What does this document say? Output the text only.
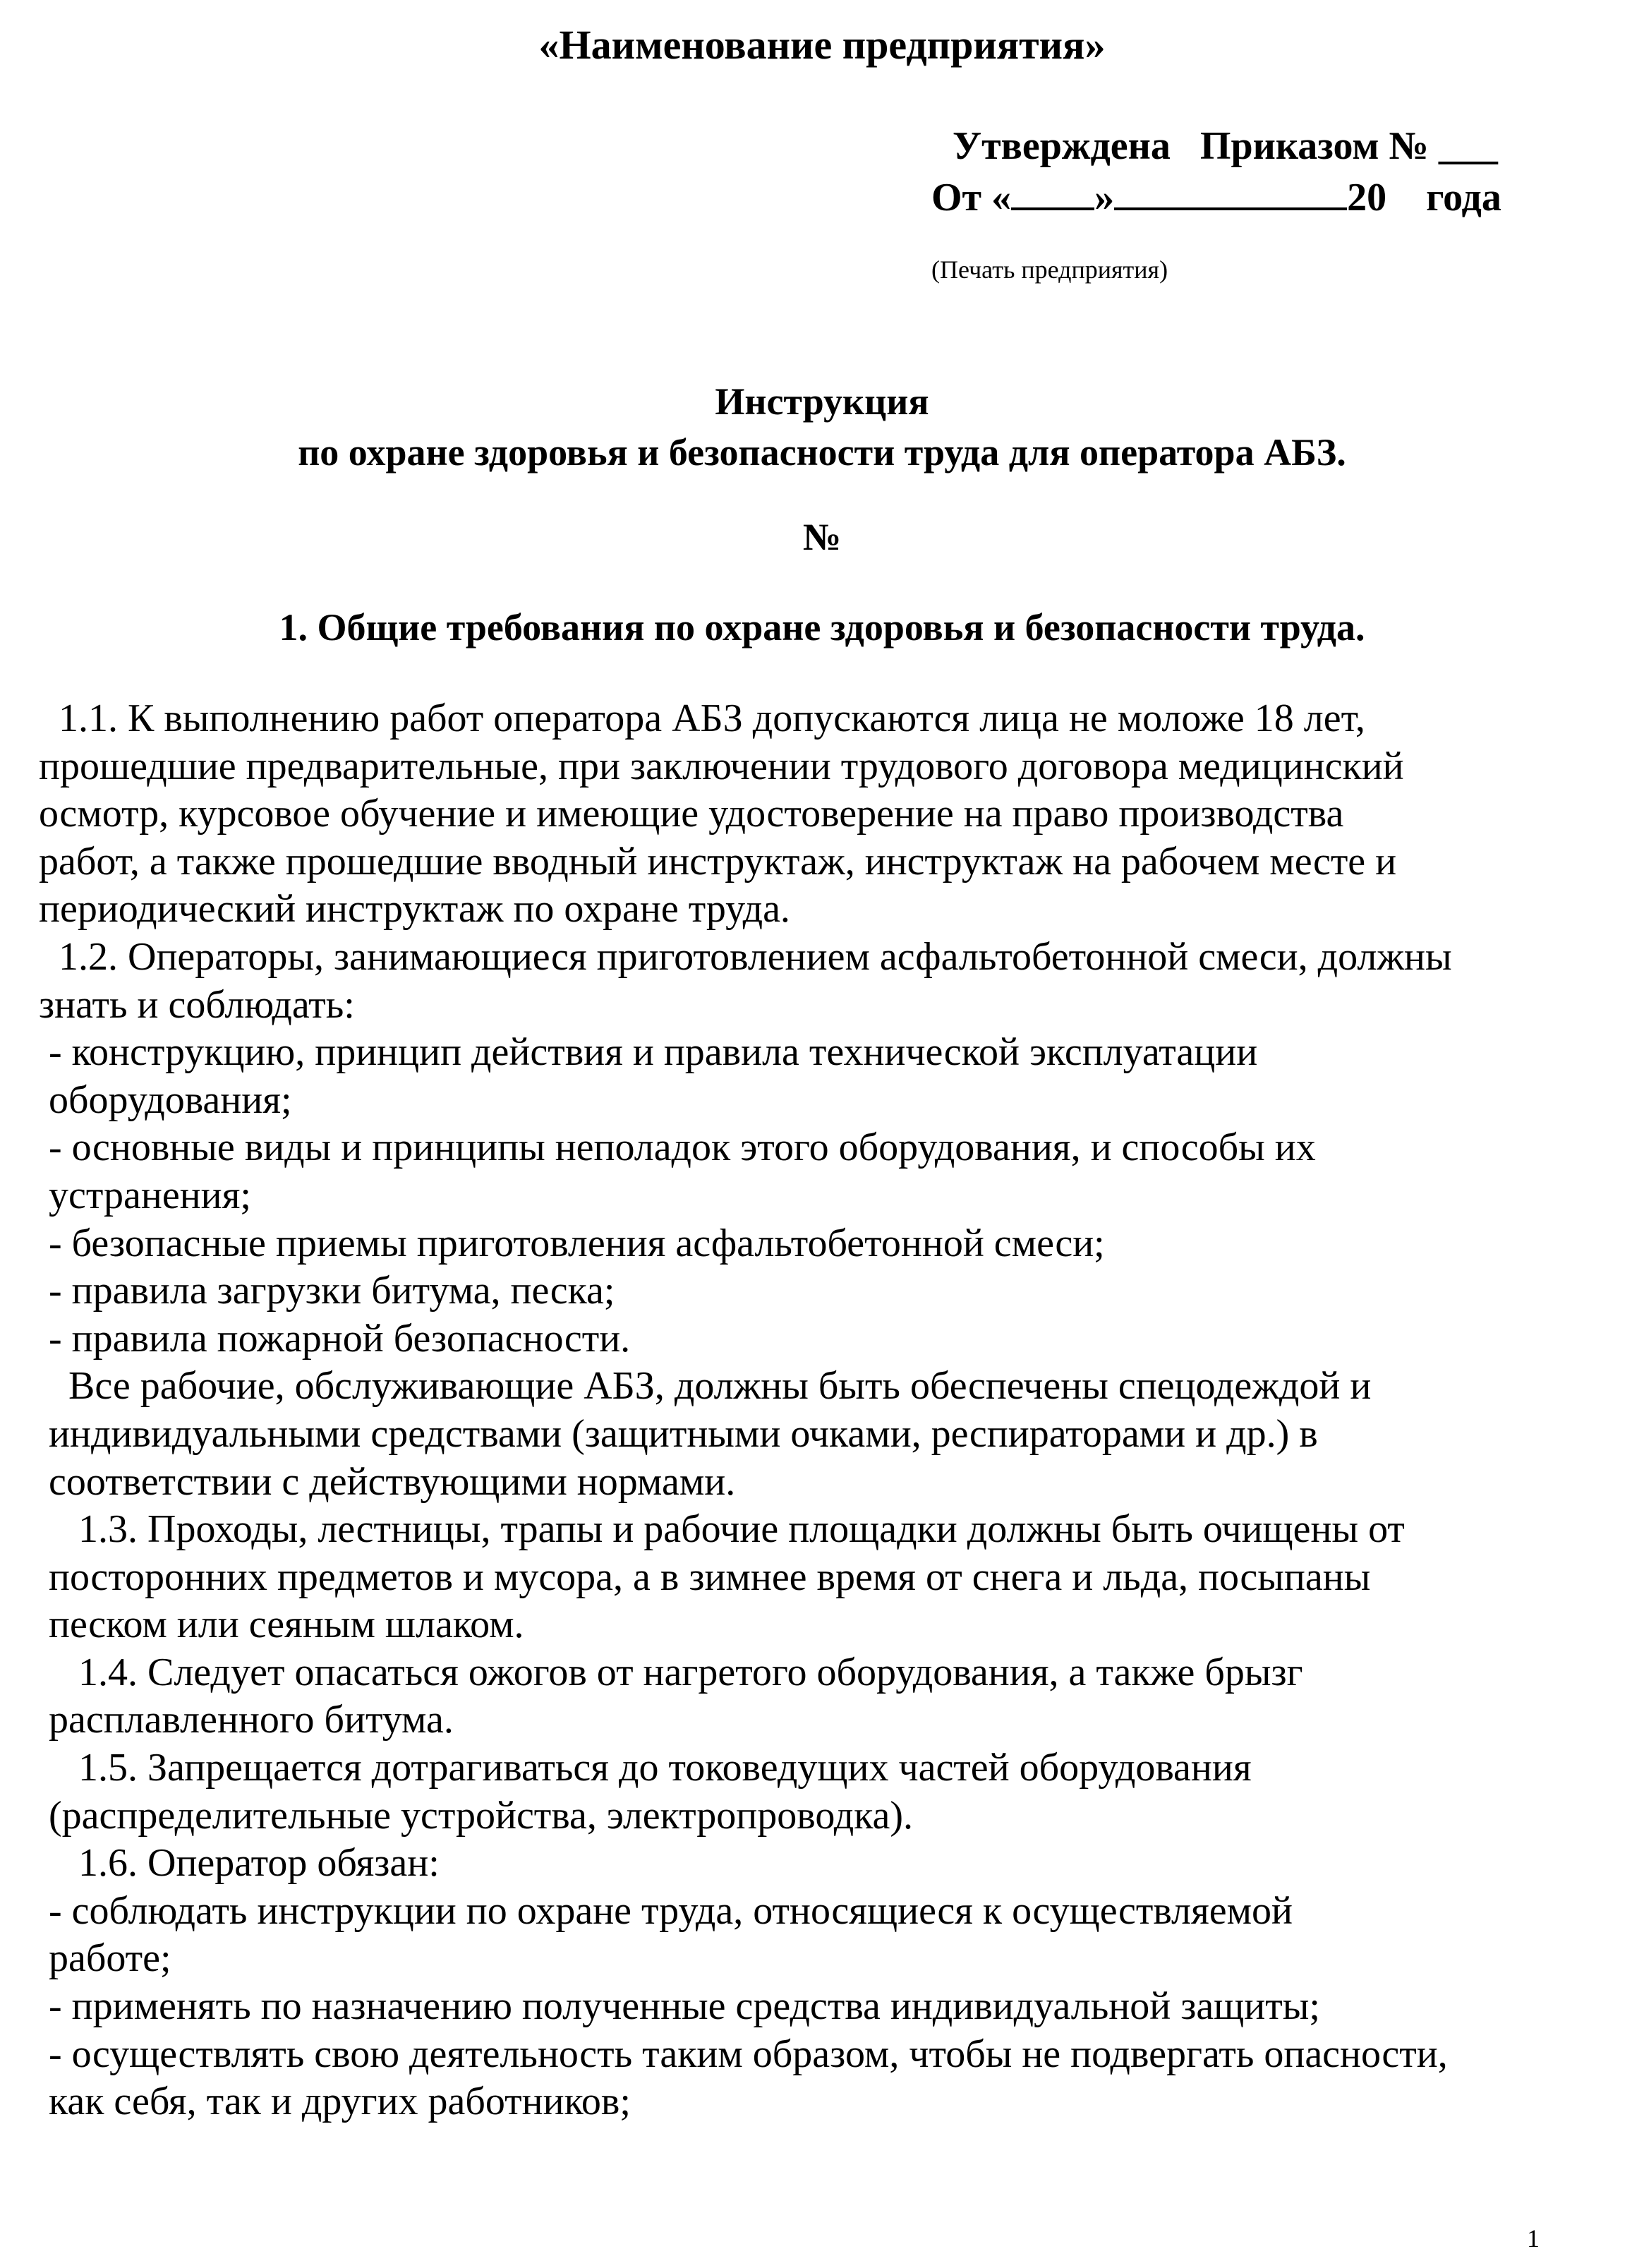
«Наименование предприятия»
Утверждена   Приказом № ___
От « »	20    года
(Печать предприятия)
Инструкция
по охране здоровья и безопасности труда для оператора АБЗ.
№
1. Общие требования по охране здоровья и безопасности труда.
1.1. К выполнению работ оператора АБЗ допускаются лица не моложе 18 лет,
прошедшие предварительные, при заключении трудового договора медицинский
осмотр, курсовое обучение и имеющие удостоверение на право производства
работ, а также прошедшие вводный инструктаж, инструктаж на рабочем месте и
периодический инструктаж по охране труда.
1.2. Операторы, занимающиеся приготовлением асфальтобетонной смеси, должны
знать и соблюдать:
- конструкцию, принцип действия и правила технической эксплуатации
оборудования;
- основные виды и принципы неполадок этого оборудования, и способы их
устранения;
- безопасные приемы приготовления асфальтобетонной смеси;
- правила загрузки битума, песка;
- правила пожарной безопасности.
Все рабочие, обслуживающие АБЗ, должны быть обеспечены спецодеждой и
индивидуальными средствами (защитными очками, респираторами и др.) в
соответствии с действующими нормами.
1.3. Проходы, лестницы, трапы и рабочие площадки должны быть очищены от
посторонних предметов и мусора, а в зимнее время от снега и льда, посыпаны
песком или сеяным шлаком.
1.4. Следует опасаться ожогов от нагретого оборудования, а также брызг
расплавленного битума.
1.5. Запрещается дотрагиваться до токоведущих частей оборудования
(распределительные устройства, электропроводка).
1.6. Оператор обязан:
- соблюдать инструкции по охране труда, относящиеся к осуществляемой
работе;
- применять по назначению полученные средства индивидуальной защиты;
- осуществлять свою деятельность таким образом, чтобы не подвергать опасности,
как себя, так и других работников;
1
